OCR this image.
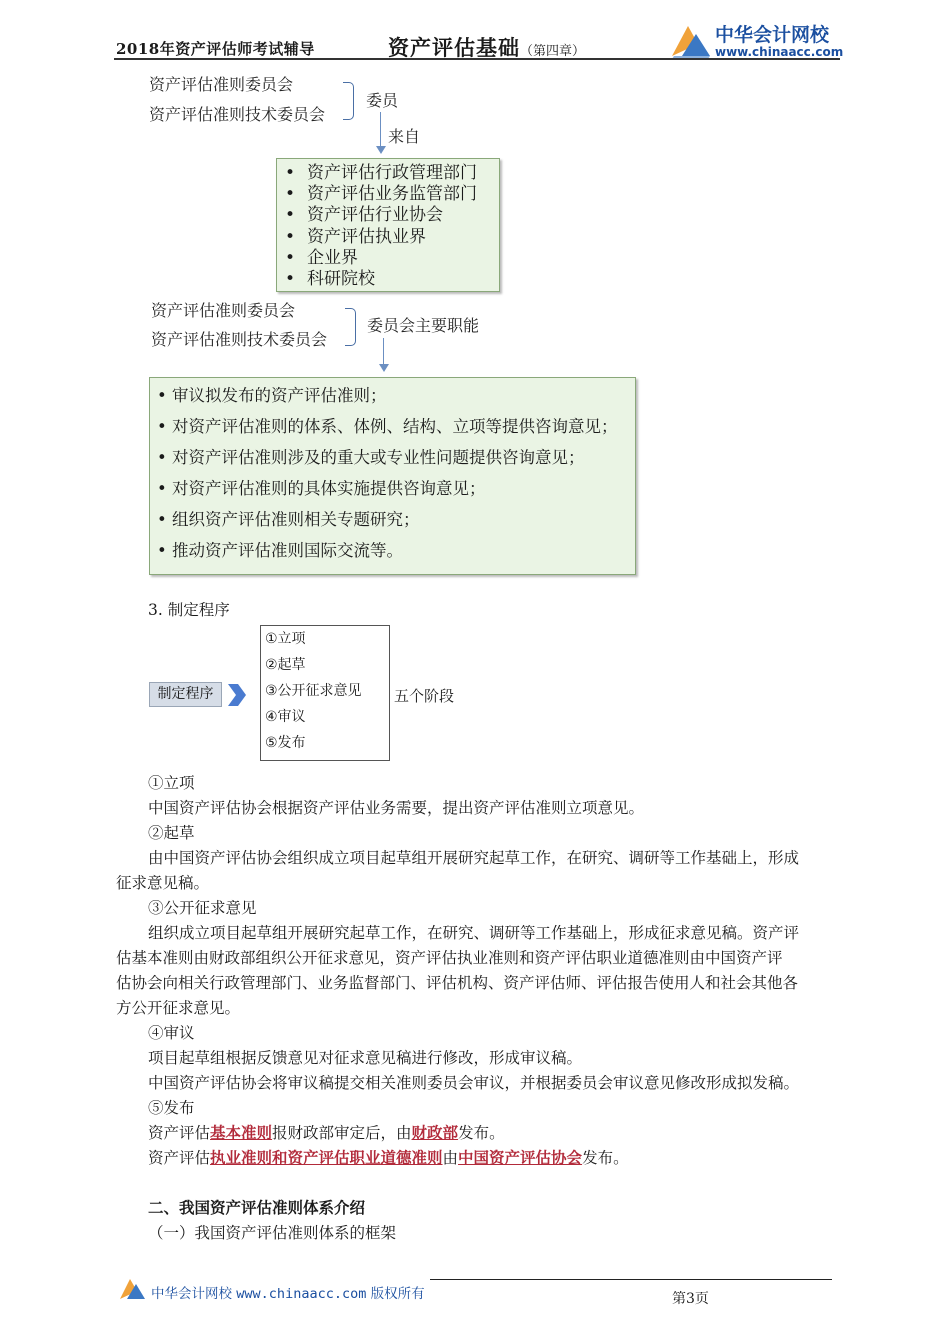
2018年资产评估师考试辅导	资产评估基础（第四章）
中华会计网校
www.chinaacc.com
资产评估准则委员会
资产评估准则技术委员会
委员
来自
• 资产评估行政管理部门
• 资产评估业务监管部门
• 资产评估行业协会
• 资产评估执业界
• 企业界
• 科研院校
资产评估准则委员会
资产评估准则技术委员会
委员会主要职能
• 审议拟发布的资产评估准则；
• 对资产评估准则的体系、体例、结构、立项等提供咨询意见；
• 对资产评估准则涉及的重大或专业性问题提供咨询意见；
• 对资产评估准则的具体实施提供咨询意见；
• 组织资产评估准则相关专题研究；
• 推动资产评估准则国际交流等。
3. 制定程序
制定程序
①立项
②起草
③公开征求意见
④审议
⑤发布
五个阶段
①立项
中国资产评估协会根据资产评估业务需要，提出资产评估准则立项意见。
②起草
由中国资产评估协会组织成立项目起草组开展研究起草工作，在研究、调研等工作基础上，形成
征求意见稿。
③公开征求意见
组织成立项目起草组开展研究起草工作，在研究、调研等工作基础上，形成征求意见稿。资产评
估基本准则由财政部组织公开征求意见，资产评估执业准则和资产评估职业道德准则由中国资产评
估协会向相关行政管理部门、业务监督部门、评估机构、资产评估师、评估报告使用人和社会其他各
方公开征求意见。
④审议
项目起草组根据反馈意见对征求意见稿进行修改，形成审议稿。
中国资产评估协会将审议稿提交相关准则委员会审议，并根据委员会审议意见修改形成拟发稿。
⑤发布
资产评估基本准则报财政部审定后，由财政部发布。
资产评估执业准则和资产评估职业道德准则由中国资产评估协会发布。
二、我国资产评估准则体系介绍
（一）我国资产评估准则体系的框架
中华会计网校 www.chinaacc.com 版权所有	第3页
